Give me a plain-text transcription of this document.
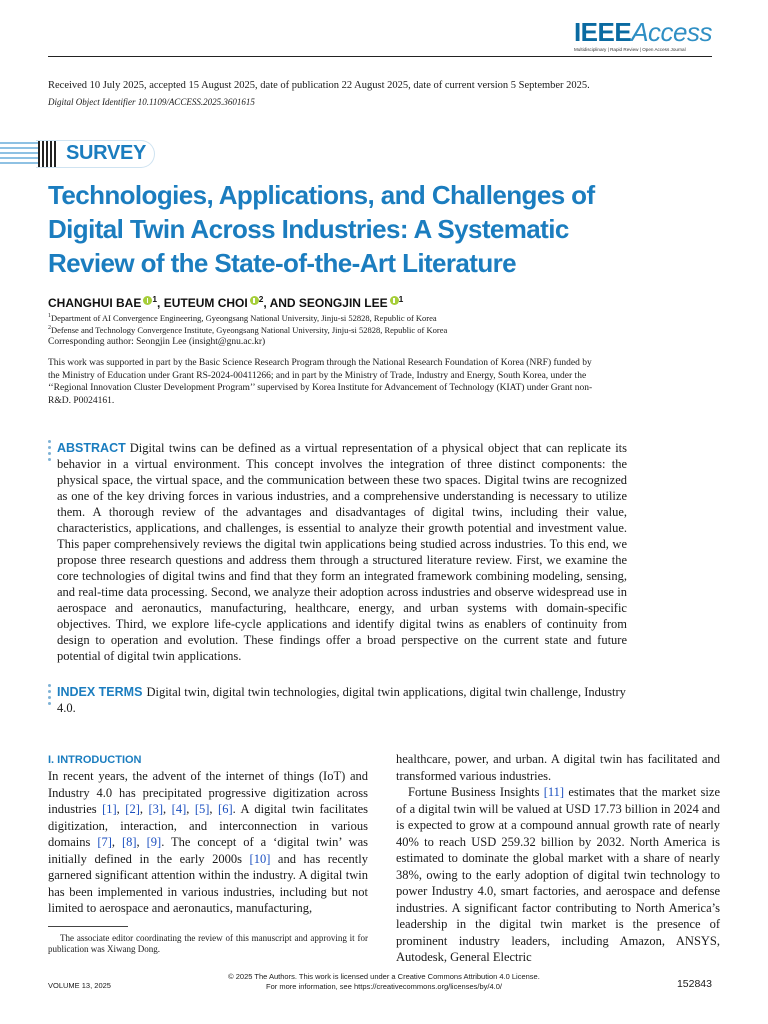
IEEEAccess
Multidisciplinary | Rapid Review | Open Access Journal
Received 10 July 2025, accepted 15 August 2025, date of publication 22 August 2025, date of current version 5 September 2025.
Digital Object Identifier 10.1109/ACCESS.2025.3601615
SURVEY
Technologies, Applications, and Challenges of Digital Twin Across Industries: A Systematic Review of the State-of-the-Art Literature
CHANGHUI BAE $^1$, EUTEUM CHOI $^2$, AND SEONGJIN LEE $^1$
$^1$Department of AI Convergence Engineering, Gyeongsang National University, Jinju-si 52828, Republic of Korea
$^2$Defense and Technology Convergence Institute, Gyeongsang National University, Jinju-si 52828, Republic of Korea
Corresponding author: Seongjin Lee (insight@gnu.ac.kr)
This work was supported in part by the Basic Science Research Program through the National Research Foundation of Korea (NRF) funded by the Ministry of Education under Grant RS-2024-00411266; and in part by the Ministry of Trade, Industry and Energy, South Korea, under the ‘‘Regional Innovation Cluster Development Program’’ supervised by Korea Institute for Advancement of Technology (KIAT) under Grant non-R&D. P0024161.

ABSTRACT Digital twins can be defined as a virtual representation of a physical object that can replicate its behavior in a virtual environment. This concept involves the integration of three distinct components: the physical space, the virtual space, and the communication between these two spaces. Digital twins are recognized as one of the key driving forces in various industries, and a comprehensive understanding is necessary to utilize them. A thorough review of the advantages and disadvantages of digital twins, including their value, characteristics, applications, and challenges, is essential to analyze their growth potential and investment value. This paper comprehensively reviews the digital twin applications being studied across industries. To this end, we propose three research questions and address them through a structured literature review. First, we examine the core technologies of digital twins and find that they form an integrated framework combining modeling, sensing, and real-time data processing. Second, we analyze their adoption across industries and observe widespread use in aerospace and aeronautics, manufacturing, healthcare, energy, and urban systems with domain-specific objectives. Third, we explore life-cycle applications and identify digital twins as enablers of continuity from design to operation and evolution. These findings offer a broad perspective on the current state and future potential of digital twin applications.

INDEX TERMS Digital twin, digital twin technologies, digital twin applications, digital twin challenge, Industry 4.0.

I. INTRODUCTION

In recent years, the advent of the internet of things (IoT) and Industry 4.0 has precipitated progressive digitization across industries [1], [2], [3], [4], [5], [6]. A digital twin facilitates digitization, interaction, and interconnection in various domains [7], [8], [9]. The concept of a ‘digital twin’ was initially defined in the early 2000s [10] and has recently garnered significant attention within the industry. A digital twin has been implemented in various industries, including but not limited to aerospace and aeronautics, manufacturing,

healthcare, power, and urban. A digital twin has facilitated and transformed various industries.

Fortune Business Insights [11] estimates that the market size of a digital twin will be valued at USD 17.73 billion in 2024 and is expected to grow at a compound annual growth rate of nearly 40% to reach USD 259.32 billion by 2032. North America is estimated to dominate the global market with a share of nearly 38%, owing to the early adoption of digital twin technology to power Industry 4.0, smart factories, and aerospace and defense industries. A significant factor contributing to North America’s leadership in the digital twin market is the presence of prominent industry leaders, including Amazon, ANSYS, Autodesk, General Electric

The associate editor coordinating the review of this manuscript and approving it for publication was Xiwang Dong.
© 2025 The Authors. This work is licensed under a Creative Commons Attribution 4.0 License.
For more information, see https://creativecommons.org/licenses/by/4.0/
VOLUME 13, 2025	152843
